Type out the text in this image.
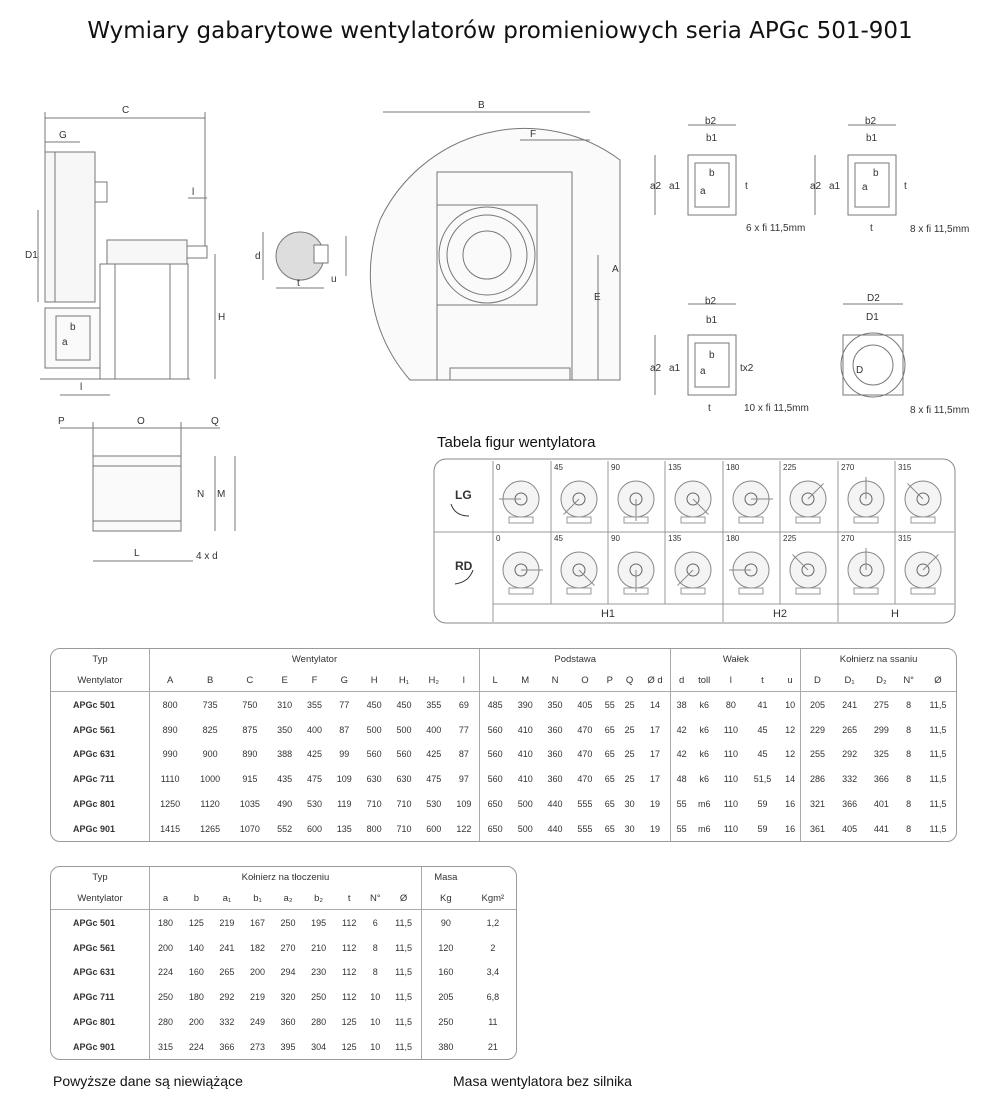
Wymiary gabarytowe wentylatorów promieniowych seria APGc 501-901
C
G
l
D1
H
b
a
l
d
t	u
B
F
A
E
P	O	Q
N M
L	4 x d
b2
b1
b
a
a2 a1	t
6 x fi 11,5mm
b2
b1
b
a
a2 a1	t
t	8 x fi 11,5mm
b2
b1
b
a
a2 a1	tx2
t	10 x fi 11,5mm
D2
D1
D
8 x fi 11,5mm
Tabela figur wentylatora
LG
RD
0	45	90	135	180	225	270	315
0	45	90	135	180	225	270	315
H1	H2	H
Typ	Wentylator										Podstawa							Wałek					Kołnierz na ssaniu				
Wentylator	A	B	C	E	F	G	H	H₁	H₂	l	L	M	N	O	P	Q	Ø d	d	toll	l	t	u	D	D₁	D₂	N°	Ø
APGc 501	800	735	750	310	355	77	450	450	355	69	485	390	350	405	55	25	14	38	k6	80	41	10	205	241	275	8	11,5
APGc 561	890	825	875	350	400	87	500	500	400	77	560	410	360	470	65	25	17	42	k6	110	45	12	229	265	299	8	11,5
APGc 631	990	900	890	388	425	99	560	560	425	87	560	410	360	470	65	25	17	42	k6	110	45	12	255	292	325	8	11,5
APGc 711	1110	1000	915	435	475	109	630	630	475	97	560	410	360	470	65	25	17	48	k6	110	51,5	14	286	332	366	8	11,5
APGc 801	1250	1120	1035	490	530	119	710	710	530	109	650	500	440	555	65	30	19	55	m6	110	59	16	321	366	401	8	11,5
APGc 901	1415	1265	1070	552	600	135	800	710	600	122	650	500	440	555	65	30	19	55	m6	110	59	16	361	405	441	8	11,5
Typ	Kołnierz na tłoczeniu									Masa	
Wentylator	a	b	a₁	b₁	a₂	b₂	t	N°	Ø	Kg	Kgm²
APGc 501	180	125	219	167	250	195	112	6	11,5	90	1,2
APGc 561	200	140	241	182	270	210	112	8	11,5	120	2
APGc 631	224	160	265	200	294	230	112	8	11,5	160	3,4
APGc 711	250	180	292	219	320	250	112	10	11,5	205	6,8
APGc 801	280	200	332	249	360	280	125	10	11,5	250	11
APGc 901	315	224	366	273	395	304	125	10	11,5	380	21
Powyższe dane są niewiążące	Masa wentylatora bez silnika
